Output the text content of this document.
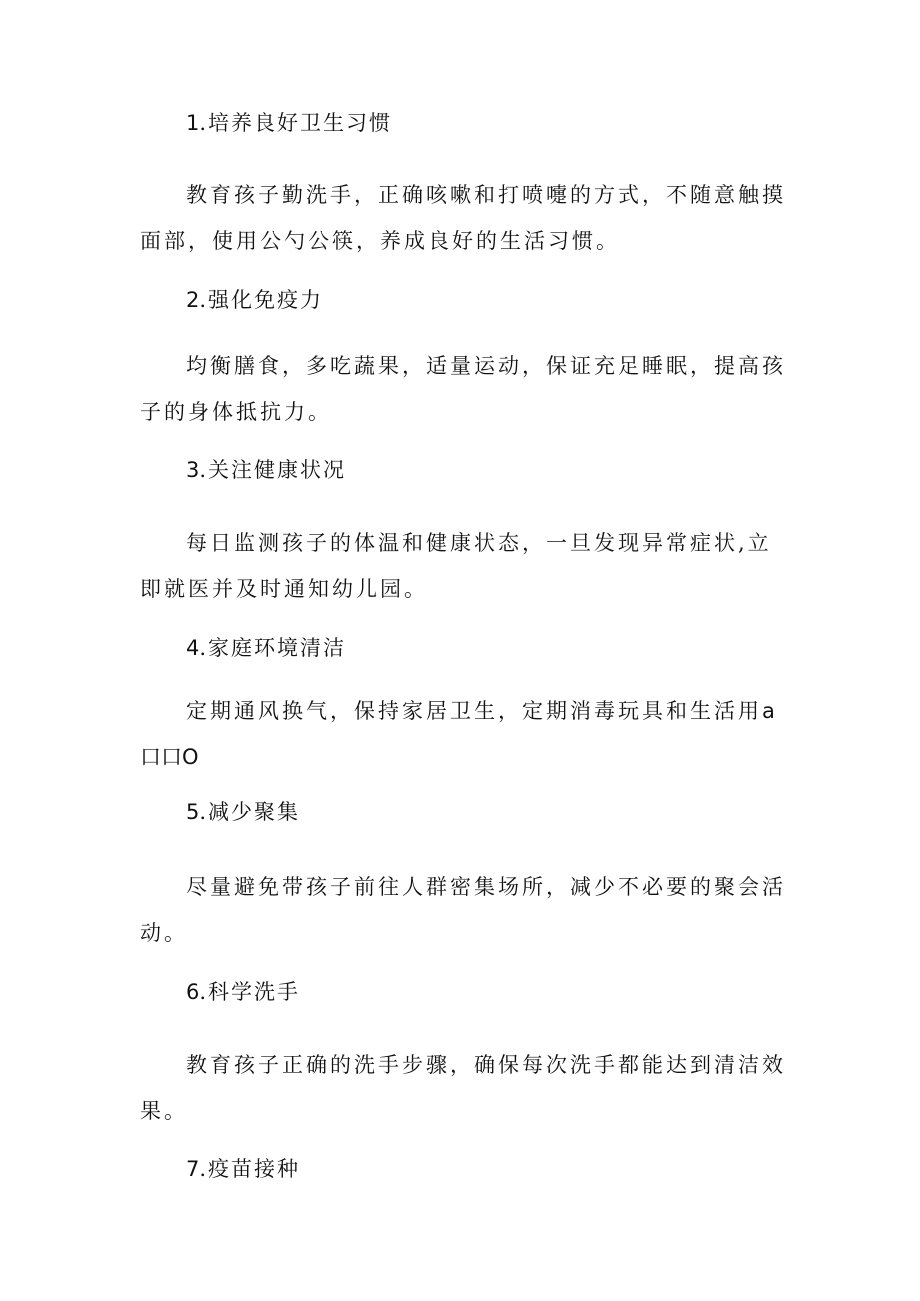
1.培养良好卫生习惯
教育孩子勤洗手，正确咳嗽和打喷嚏的方式，不随意触摸面部，使用公勺公筷，养成良好的生活习惯。
2.强化免疫力
均衡膳食，多吃蔬果，适量运动，保证充足睡眠，提高孩子的身体抵抗力。
3.关注健康状况
每日监测孩子的体温和健康状态，一旦发现异常症状,立即就医并及时通知幼儿园。
4.家庭环境清洁
定期通风换气，保持家居卫生，定期消毒玩具和生活用a口口O
5.减少聚集
尽量避免带孩子前往人群密集场所，减少不必要的聚会活动。
6.科学洗手
教育孩子正确的洗手步骤，确保每次洗手都能达到清洁效果。
7.疫苗接种
